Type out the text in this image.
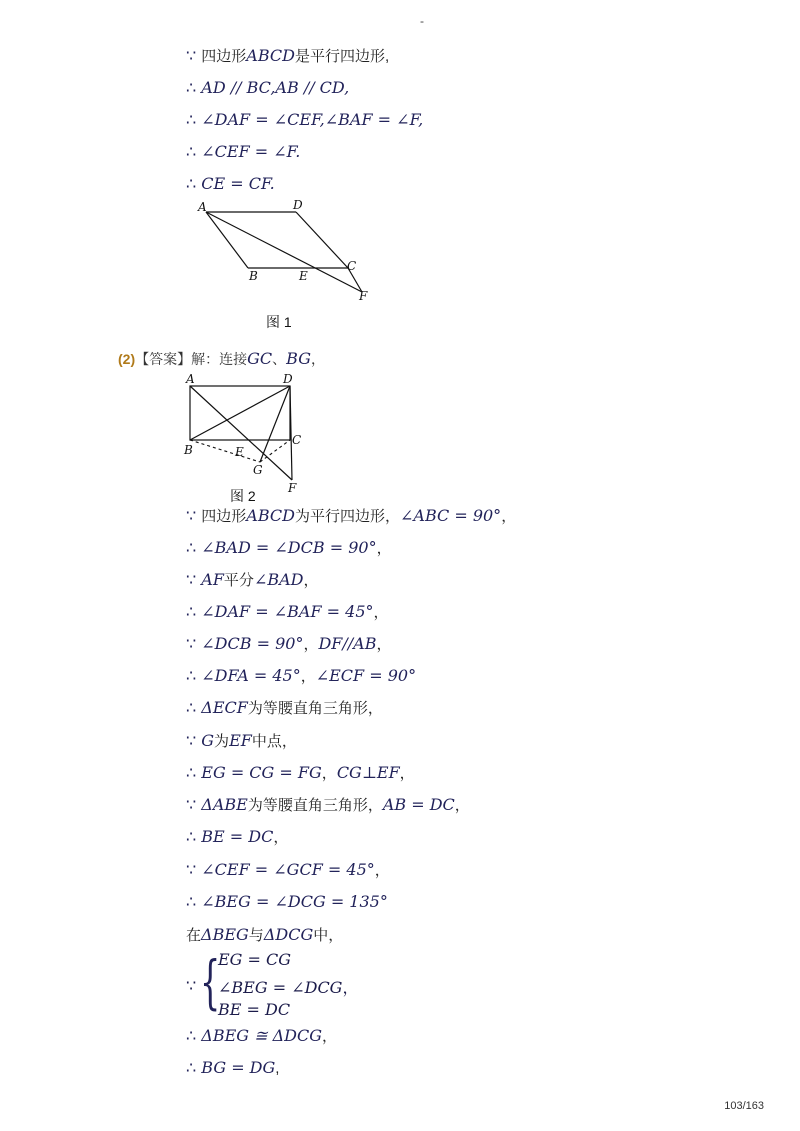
-
∵ 四边形ABCD是平行四边形,
∴ AD // BC,AB // CD,
∴ ∠DAF = ∠CEF,∠BAF = ∠F,
∴ ∠CEF = ∠F.
∴ CE = CF.
A	D
B	E
C
F
图 1
(2)【答案】解：连接GC、BG，
A	D
B	E
C
G
F
图 2
∵ 四边形ABCD为平行四边形，∠ABC = 90°，
∴ ∠BAD = ∠DCB = 90°，
∵ AF平分∠BAD，
∴ ∠DAF = ∠BAF = 45°，
∵ ∠DCB = 90°，DF//AB，
∴ ∠DFA = 45°，∠ECF = 90°
∴ ΔECF为等腰直角三角形，
∵ G为EF中点，
∴ EG = CG = FG，CG⊥EF，
∵ ΔABE为等腰直角三角形，AB = DC，
∴ BE = DC，
∵ ∠CEF = ∠GCF = 45°，
∴ ∠BEG = ∠DCG = 135°
在ΔBEG与ΔDCG中，
∵ {
EG = CG
∠BEG = ∠DCG，
BE = DC
∴ ΔBEG ≅ ΔDCG，
∴ BG = DG,
103/163
